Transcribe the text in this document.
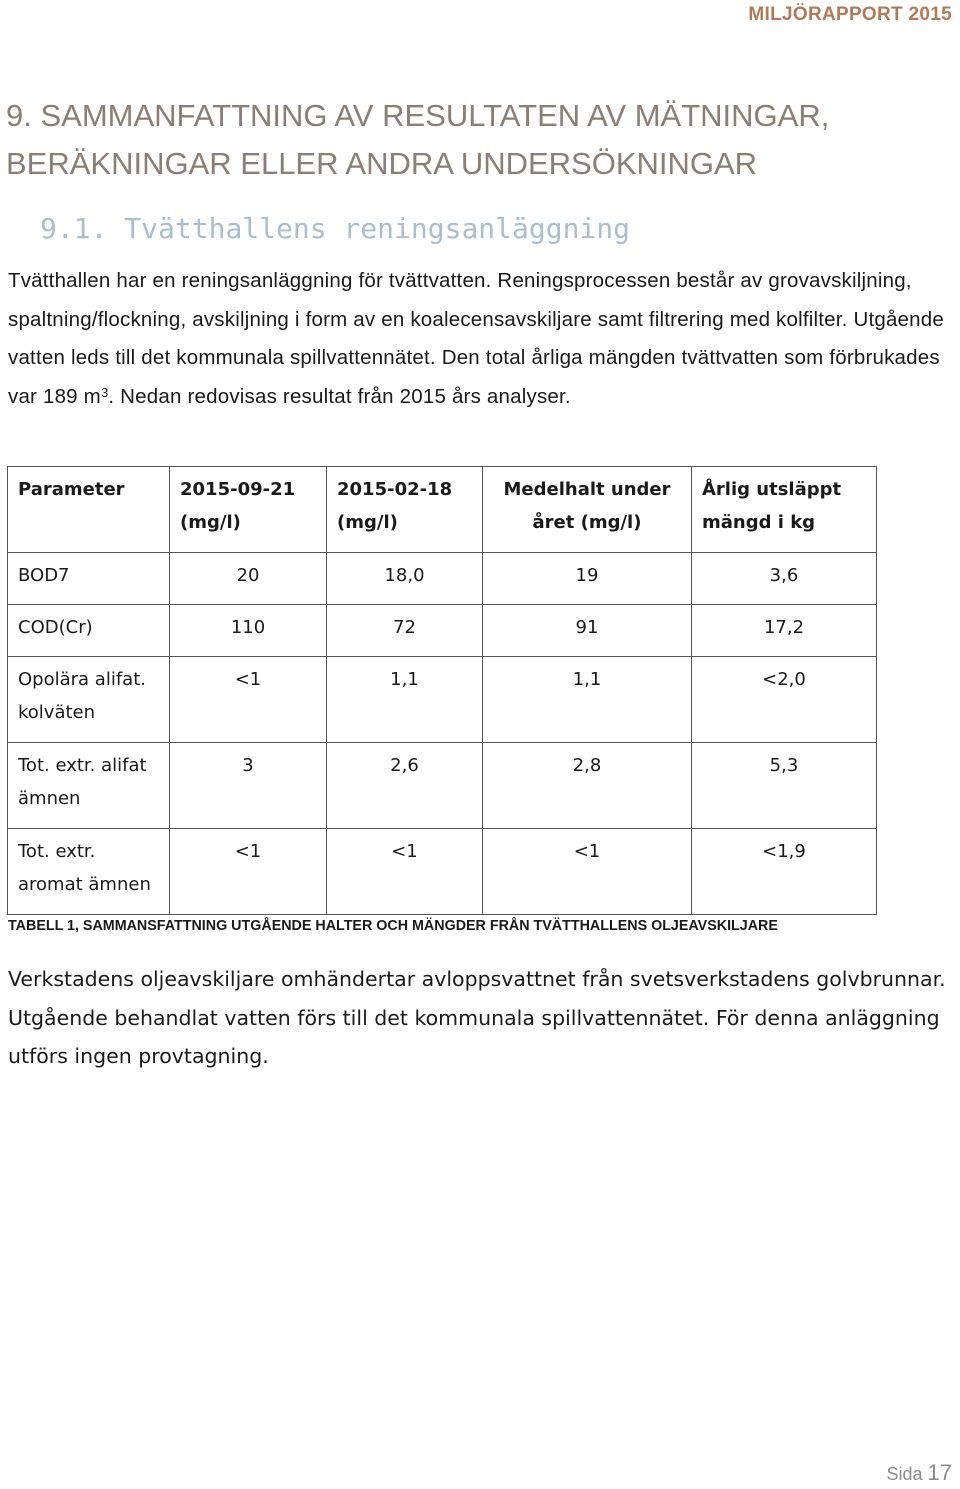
MILJÖRAPPORT 2015
9. SAMMANFATTNING AV RESULTATEN AV MÄTNINGAR, BERÄKNINGAR ELLER ANDRA UNDERSÖKNINGAR
9.1. Tvätthallens reningsanläggning

Tvätthallen har en reningsanläggning för tvättvatten. Reningsprocessen består av grovavskiljning, spaltning/flockning, avskiljning i form av en koalecensavskiljare samt filtrering med kolfilter. Utgående vatten leds till det kommunala spillvattennätet. Den total årliga mängden tvättvatten som förbrukades var 189 $m^3$. Nedan redovisas resultat från 2015 års analyser.

Parameter	2015-09-21 (mg/l)	2015-02-18 (mg/l)	Medelhalt under året (mg/l)	Årlig utsläppt mängd i kg
BOD7	20	18,0	19	3,6
COD(Cr)	110	72	91	17,2
Opolära alifat. kolväten	<1	1,1	1,1	<2,0
Tot. extr. alifat ämnen	3	2,6	2,8	5,3
Tot. extr. aromat ämnen	<1	<1	<1	<1,9
TABELL 1, SAMMANSFATTNING UTGÅENDE HALTER OCH MÄNGDER FRÅN TVÄTTHALLENS OLJEAVSKILJARE

Verkstadens oljeavskiljare omhändertar avloppsvattnet från svetsverkstadens golvbrunnar. Utgående behandlat vatten förs till det kommunala spillvattennätet. För denna anläggning utförs ingen provtagning.

Sida 17
